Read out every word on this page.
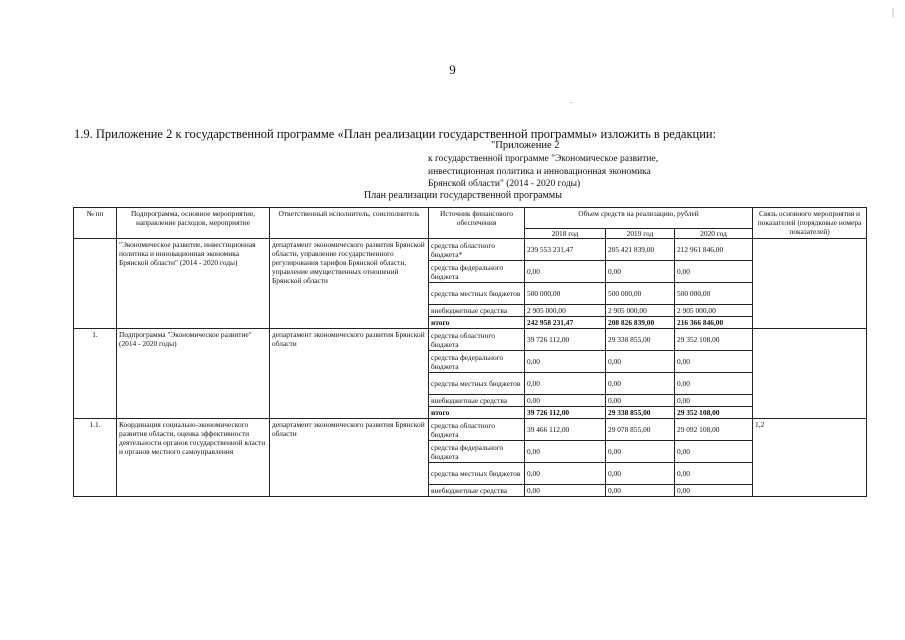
|
9
.
1.9. Приложение 2 к государственной программе «План реализации государственной программы» изложить в редакции:
"Приложение 2
к государственной программе "Экономическое развитие,
инвестиционная политика и инновационная экономика
Брянской области" (2014 - 2020 годы)
План реализации государственной программы
№ пп	Подпрограмма, основное мероприятие, направление расходов, мероприятие	Ответственный исполнитель, соисполнитель	Источник финансового обеспечения	Объем средств на реализацию, рублей			Связь основного мероприятия и показателей (порядковые номера показателей)
				2018 год	2019 год	2020 год	
	"Экономическое развитие, инвестиционная политика и инновационная экономика Брянской области" (2014 - 2020 годы)	департамент экономического развития Брянской области, управление государственного регулирования тарифов Брянской области, управление имущественных отношений Брянской области	средства областного бюджета*	239 553 231,47	205 421 839,00	212 961 846,00	
			средства федерального бюджета	0,00	0,00	0,00	
			средства местных бюджетов	500 000,00	500 000,00	500 000,00	
			внебюджетные средства	2 905 000,00	2 905 000,00	2 905 000,00	
			итого	242 958 231,47	208 826 839,00	216 366 846,00	
1.	Подпрограмма "Экономическое развитие" (2014 - 2020 годы)	департамент экономического развития Брянской области	средства областного бюджета	39 726 112,00	29 338 855,00	29 352 108,00	
			средства федерального бюджета	0,00	0,00	0,00	
			средства местных бюджетов	0,00	0,00	0,00	
			внебюджетные средства	0,00	0,00	0,00	
			итого	39 726 112,00	29 338 855,00	29 352 108,00	
1.1.	Координация социально-экономического развития области, оценка эффективности деятельности органов государственной власти и органов местного самоуправления	департамент экономического развития Брянской области	средства областного бюджета	39 466 112,00	29 078 855,00	29 092 108,00	1,2
			средства федерального бюджета	0,00	0,00	0,00	
			средства местных бюджетов	0,00	0,00	0,00	
			внебюджетные средства	0,00	0,00	0,00	
